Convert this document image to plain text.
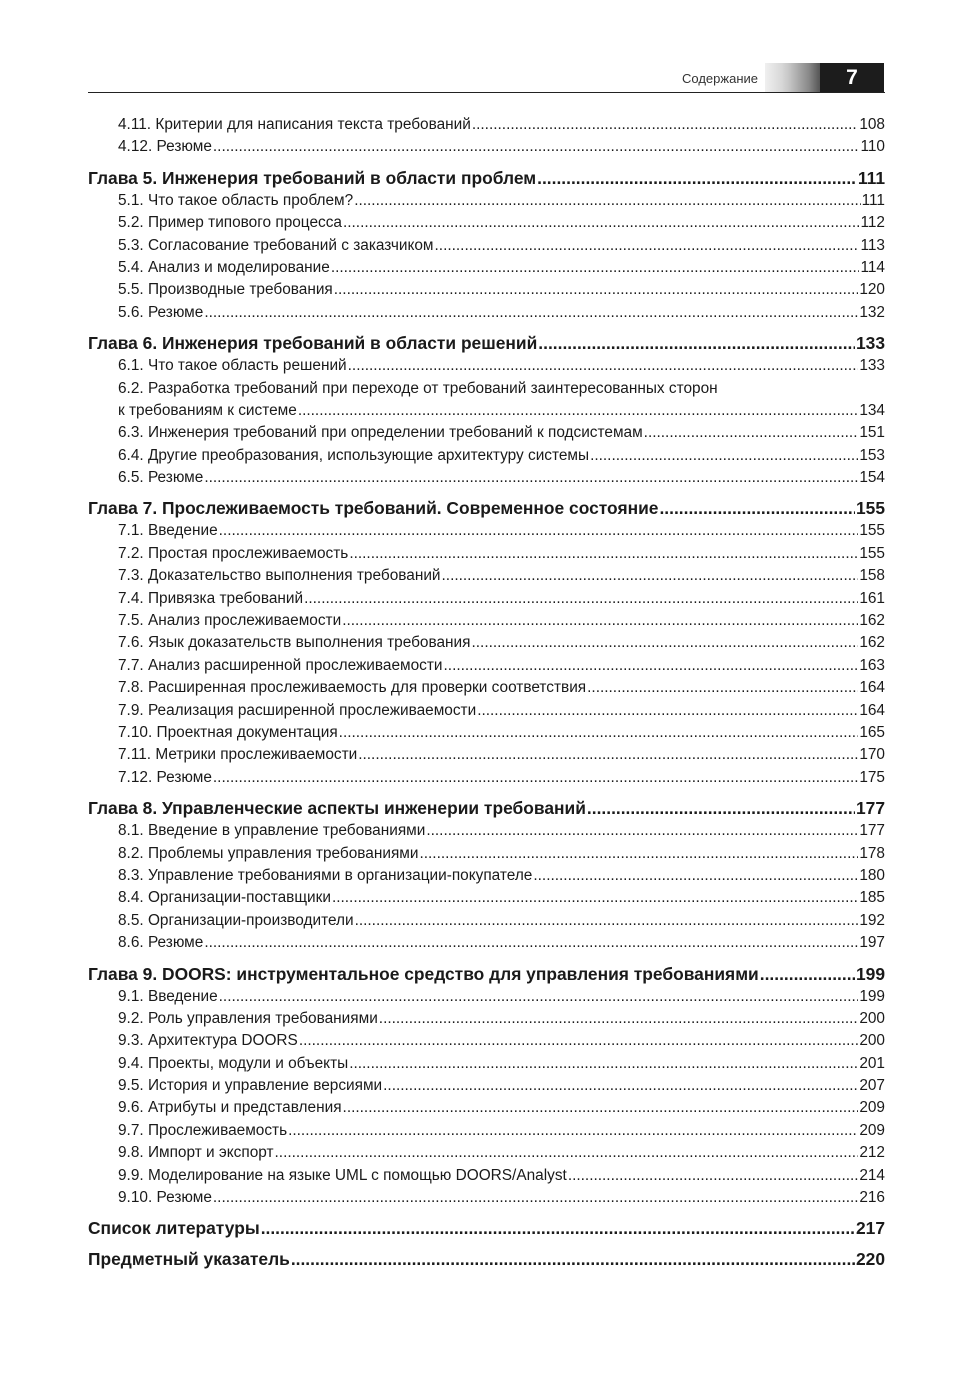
Содержание	7
4.11. Критерии для написания текста требований .....	108
4.12. Резюме .....	110
Глава 5. Инженерия требований в области проблем .....	111
5.1. Что такое область проблем? .....	111
5.2. Пример типового процесса .....	112
5.3. Согласование требований с заказчиком .....	113
5.4. Анализ и моделирование .....	114
5.5. Производные требования .....	120
5.6. Резюме .....	132
Глава 6. Инженерия требований в области решений .....	133
6.1. Что такое область решений .....	133
6.2. Разработка требований при переходе от требований заинтересованных сторон
к требованиям к системе .....	134
6.3. Инженерия требований при определении требований к подсистемам .....	151
6.4. Другие преобразования, использующие архитектуру системы .....	153
6.5. Резюме .....	154
Глава 7. Прослеживаемость требований. Современное состояние .....	155
7.1. Введение .....	155
7.2. Простая прослеживаемость .....	155
7.3. Доказательство выполнения требований .....	158
7.4. Привязка требований .....	161
7.5. Анализ прослеживаемости .....	162
7.6. Язык доказательств выполнения требования .....	162
7.7. Анализ расширенной прослеживаемости .....	163
7.8. Расширенная прослеживаемость для проверки соответствия .....	164
7.9. Реализация расширенной прослеживаемости .....	164
7.10. Проектная документация .....	165
7.11. Метрики прослеживаемости .....	170
7.12. Резюме .....	175
Глава 8. Управленческие аспекты инженерии требований .....	177
8.1. Введение в управление требованиями .....	177
8.2. Проблемы управления требованиями .....	178
8.3. Управление требованиями в организации-покупателе .....	180
8.4. Организации-поставщики .....	185
8.5. Организации-производители .....	192
8.6. Резюме .....	197
Глава 9. DOORS: инструментальное средство для управления требованиями .....	199
9.1. Введение .....	199
9.2. Роль управления требованиями .....	200
9.3. Архитектура DOORS .....	200
9.4. Проекты, модули и объекты .....	201
9.5. История и управление версиями .....	207
9.6. Атрибуты и представления .....	209
9.7. Прослеживаемость .....	209
9.8. Импорт и экспорт .....	212
9.9. Моделирование на языке UML с помощью DOORS/Analyst .....	214
9.10. Резюме .....	216
Список литературы .....	217
Предметный указатель .....	220
